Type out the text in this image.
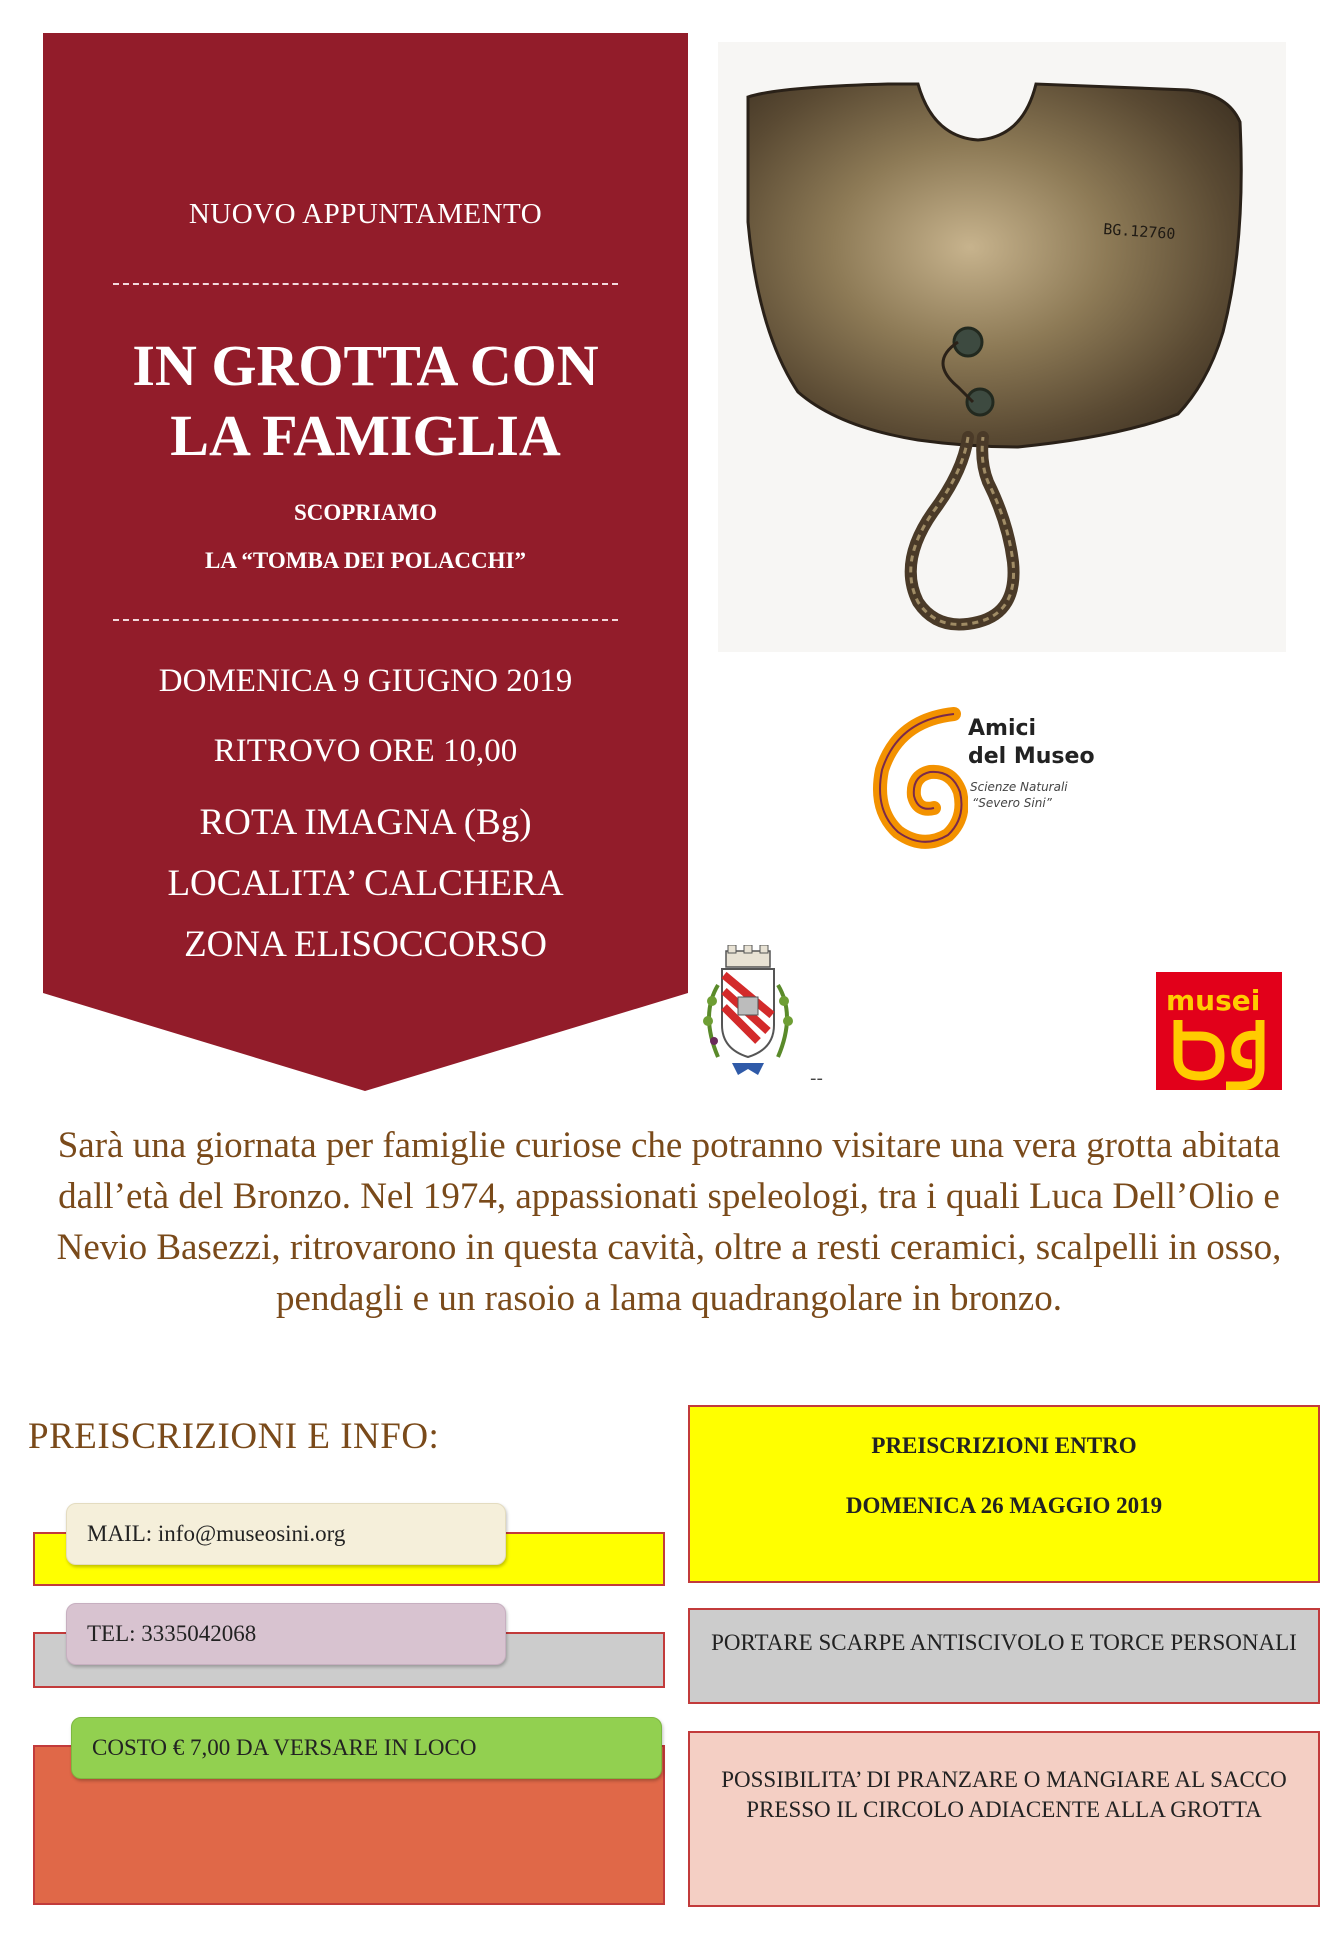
NUOVO APPUNTAMENTO
IN GROTTA CON
LA FAMIGLIA
SCOPRIAMO
LA “TOMBA DEI POLACCHI”
DOMENICA 9 GIUGNO 2019
RITROVO ORE 10,00
ROTA IMAGNA (Bg)
LOCALITA’ CALCHERA
ZONA ELISOCCORSO
BG.12760
Amici
del Museo
Scienze Naturali
“Severo Sini”
--
musei
Sarà una giornata per famiglie curiose che potranno visitare una vera grotta abitata dall’età del Bronzo. Nel 1974, appassionati speleologi, tra i quali Luca Dell’Olio e Nevio Basezzi, ritrovarono in questa cavità, oltre a resti ceramici, scalpelli in osso, pendagli e un rasoio a lama quadrangolare in bronzo.
PREISCRIZIONI E INFO:
MAIL: info@museosini.org
TEL: 3335042068
COSTO € 7,00 DA VERSARE IN LOCO
PREISCRIZIONI ENTRO
DOMENICA 26 MAGGIO 2019
PORTARE SCARPE ANTISCIVOLO E TORCE PERSONALI
POSSIBILITA’ DI PRANZARE O MANGIARE AL SACCO PRESSO IL CIRCOLO ADIACENTE ALLA GROTTA
